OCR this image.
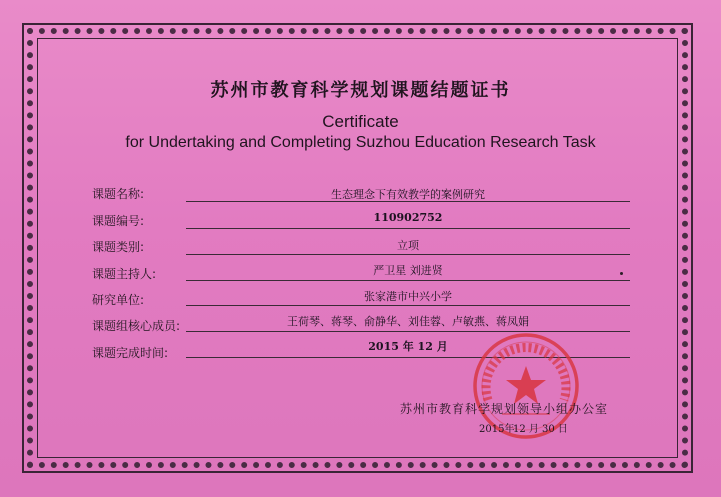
苏州市教育科学规划课题结题证书
Certificate
for Undertaking and Completing Suzhou Education Research Task
课题名称:	生态理念下有效教学的案例研究
课题编号:	110902752
课题类别:	立项
课题主持人:	严卫星 刘进贤
研究单位:	张家港市中兴小学
课题组核心成员:	王荷琴、蒋琴、俞静华、刘佳蓉、卢敏燕、蒋凤娟
课题完成时间:	2015 年 12 月
苏州市教育科学规划领导小组办公室
2015年
12 月 30 日
